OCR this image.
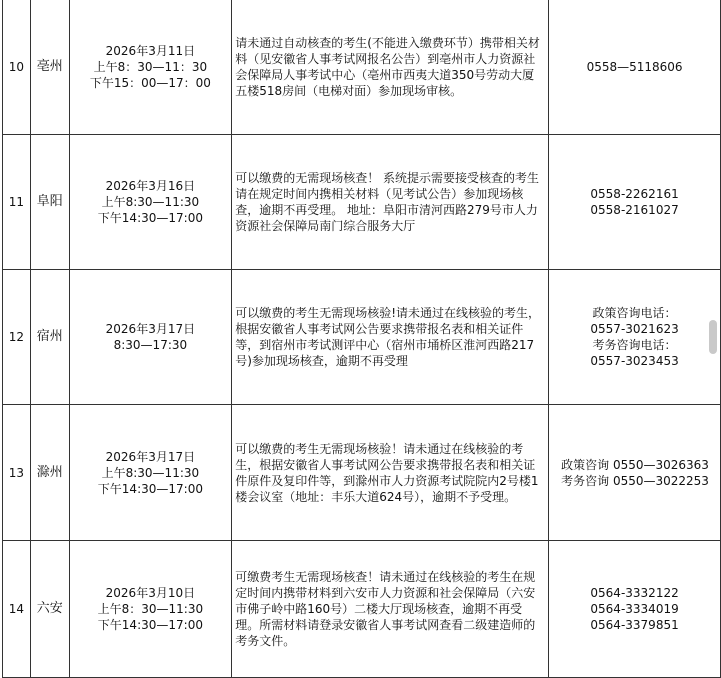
10	亳州	2026年3月11日
上午8：30—11：30
下午15：00—17：00	请未通过自动核查的考生(不能进入缴费环节）携带相关材料（见安徽省人事考试网报名公告）到亳州市人力资源社会保障局人事考试中心（亳州市西夷大道350号劳动大厦五楼518房间（电梯对面）参加现场审核。	0558—5118606
11	阜阳	2026年3月16日
上午8:30—11:30
下午14:30—17:00	可以缴费的无需现场核查！ 系统提示需要接受核查的考生请在规定时间内携相关材料（见考试公告）参加现场核查，逾期不再受理。 地址：阜阳市清河西路279号市人力资源社会保障局南门综合服务大厅	0558-2262161
0558-2161027
12	宿州	2026年3月17日
8:30—17:30	可以缴费的考生无需现场核验!请未通过在线核验的考生，根据安徽省人事考试网公告要求携带报名表和相关证件等，到宿州市考试测评中心（宿州市埇桥区淮河西路217号)参加现场核查，逾期不再受理	政策咨询电话：
0557-3021623
考务咨询电话：
0557-3023453
13	滁州	2026年3月17日
上午8:30—11:30
下午14:30—17:00	可以缴费的考生无需现场核验！请未通过在线核验的考生，根据安徽省人事考试网公告要求携带报名表和相关证件原件及复印件等，到滁州市人力资源考试院院内2号楼1楼会议室（地址：丰乐大道624号），逾期不予受理。	政策咨询 0550—3026363
考务咨询 0550—3022253
14	六安	2026年3月10日
上午8：30—11:30
下午14:30—17:00	可缴费考生无需现场核查！请未通过在线核验的考生在规定时间内携带材料到六安市人力资源和社会保障局（六安市佛子岭中路160号）二楼大厅现场核查，逾期不再受理。所需材料请登录安徽省人事考试网查看二级建造师的考务文件。	0564-3332122
0564-3334019
0564-3379851
